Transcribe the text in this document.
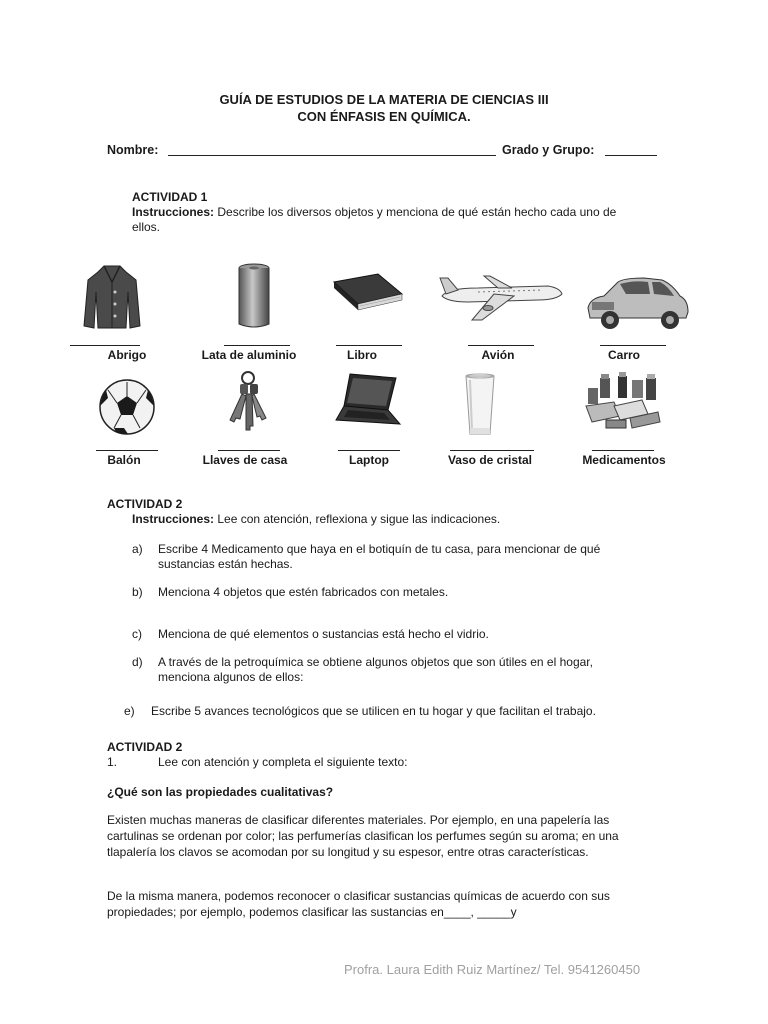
GUÍA DE ESTUDIOS DE LA MATERIA DE CIENCIAS III
CON ÉNFASIS EN QUÍMICA.
Nombre:	Grado y Grupo:
ACTIVIDAD 1
Instrucciones: Describe los diversos objetos y menciona de qué están hecho cada uno de
ellos.
Abrigo	Lata de aluminio	Libro	Avión	Carro
Balón	Llaves de casa	Laptop	Vaso de cristal	Medicamentos
ACTIVIDAD 2
Instrucciones: Lee con atención, reflexiona y sigue las indicaciones.
a) Escribe 4 Medicamento que haya en el botiquín de tu casa, para mencionar de qué
sustancias están hechas.
b) Menciona 4 objetos que estén fabricados con metales.
c) Menciona de qué elementos o sustancias está hecho el vidrio.
d) A través de la petroquímica se obtiene algunos objetos que son útiles en el hogar,
menciona algunos de ellos:
e) Escribe 5 avances tecnológicos que se utilicen en tu hogar y que facilitan el trabajo.
ACTIVIDAD 2
1.	Lee con atención y completa el siguiente texto:
¿Qué son las propiedades cualitativas?
Existen muchas maneras de clasificar diferentes materiales. Por ejemplo, en una papelería las
cartulinas se ordenan por color; las perfumerías clasifican los perfumes según su aroma; en una
tlapalería los clavos se acomodan por su longitud y su espesor, entre otras características.
De la misma manera, podemos reconocer o clasificar sustancias químicas de acuerdo con sus
propiedades; por ejemplo, podemos clasificar las sustancias en____, _____y
Profra. Laura Edith Ruiz Martínez/ Tel. 9541260450
